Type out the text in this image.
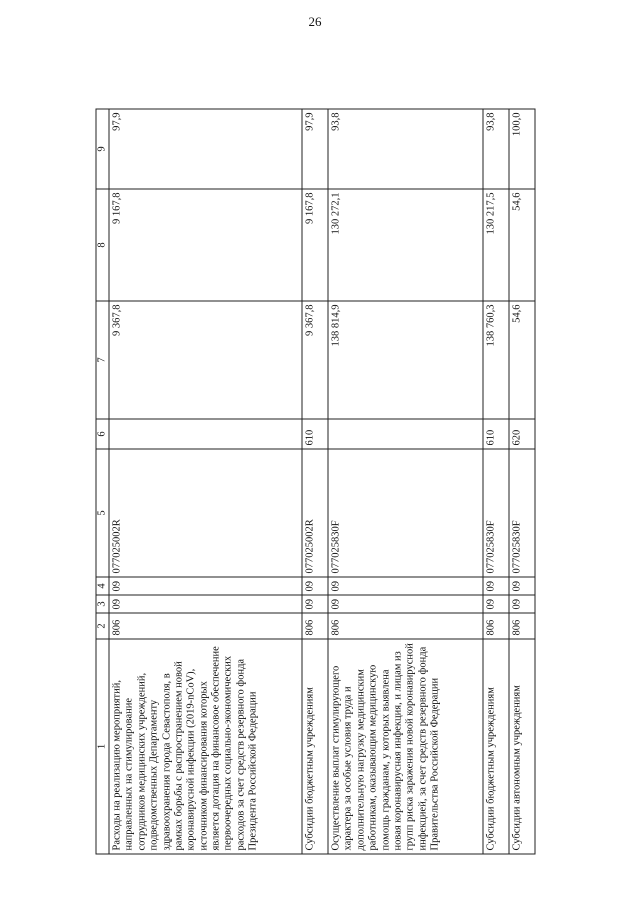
26
1	2	3	4	5	6	7	8	9
Расходы на реализацию мероприятий, направленных на стимулирование сотрудников медицинских учреждений, подведомственных Департаменту здравоохранения города Севастополя, в рамках борьбы с распространением новой коронавирусной инфекции (2019-nCoV), источником финансирования которых является дотация на финансовое обеспечение первоочередных социально-экономических расходов за счет средств резервного фонда Президента Российской Федерации	806	09	09	077025002R		9 367,8	9 167,8	97,9
Субсидии бюджетным учреждениям	806	09	09	077025002R	610	9 367,8	9 167,8	97,9
Осуществление выплат стимулирующего характера за особые условия труда и дополнительную нагрузку медицинским работникам, оказывающим медицинскую помощь гражданам, у которых выявлена новая коронавирусная инфекция, и лицам из групп риска заражения новой коронавирусной инфекцией, за счет средств резервного фонда Правительства Российской Федерации	806	09	09	077025830F		138 814,9	130 272,1	93,8
Субсидии бюджетным учреждениям	806	09	09	077025830F	610	138 760,3	130 217,5	93,8
Субсидии автономным учреждениям	806	09	09	077025830F	620	54,6	54,6	100,0
